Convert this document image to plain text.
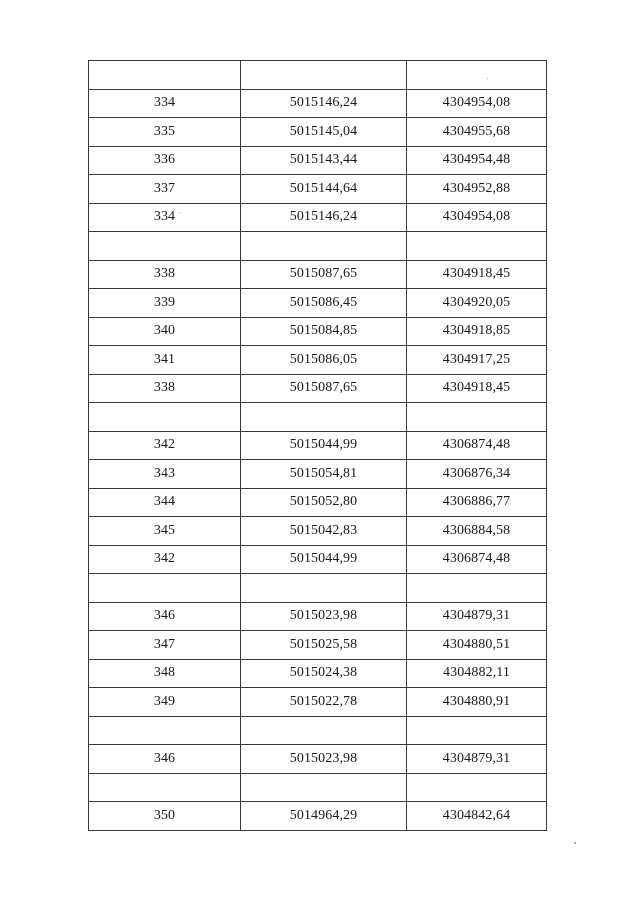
334	5015146,24	4304954,08
335	5015145,04	4304955,68
336	5015143,44	4304954,48
337	5015144,64	4304952,88
334	5015146,24	4304954,08

338	5015087,65	4304918,45
339	5015086,45	4304920,05
340	5015084,85	4304918,85
341	5015086,05	4304917,25
338	5015087,65	4304918,45

342	5015044,99	4306874,48
343	5015054,81	4306876,34
344	5015052,80	4306886,77
345	5015042,83	4306884,58
342	5015044,99	4306874,48

346	5015023,98	4304879,31
347	5015025,58	4304880,51
348	5015024,38	4304882,11
349	5015022,78	4304880,91

346	5015023,98	4304879,31

350	5014964,29	4304842,64
